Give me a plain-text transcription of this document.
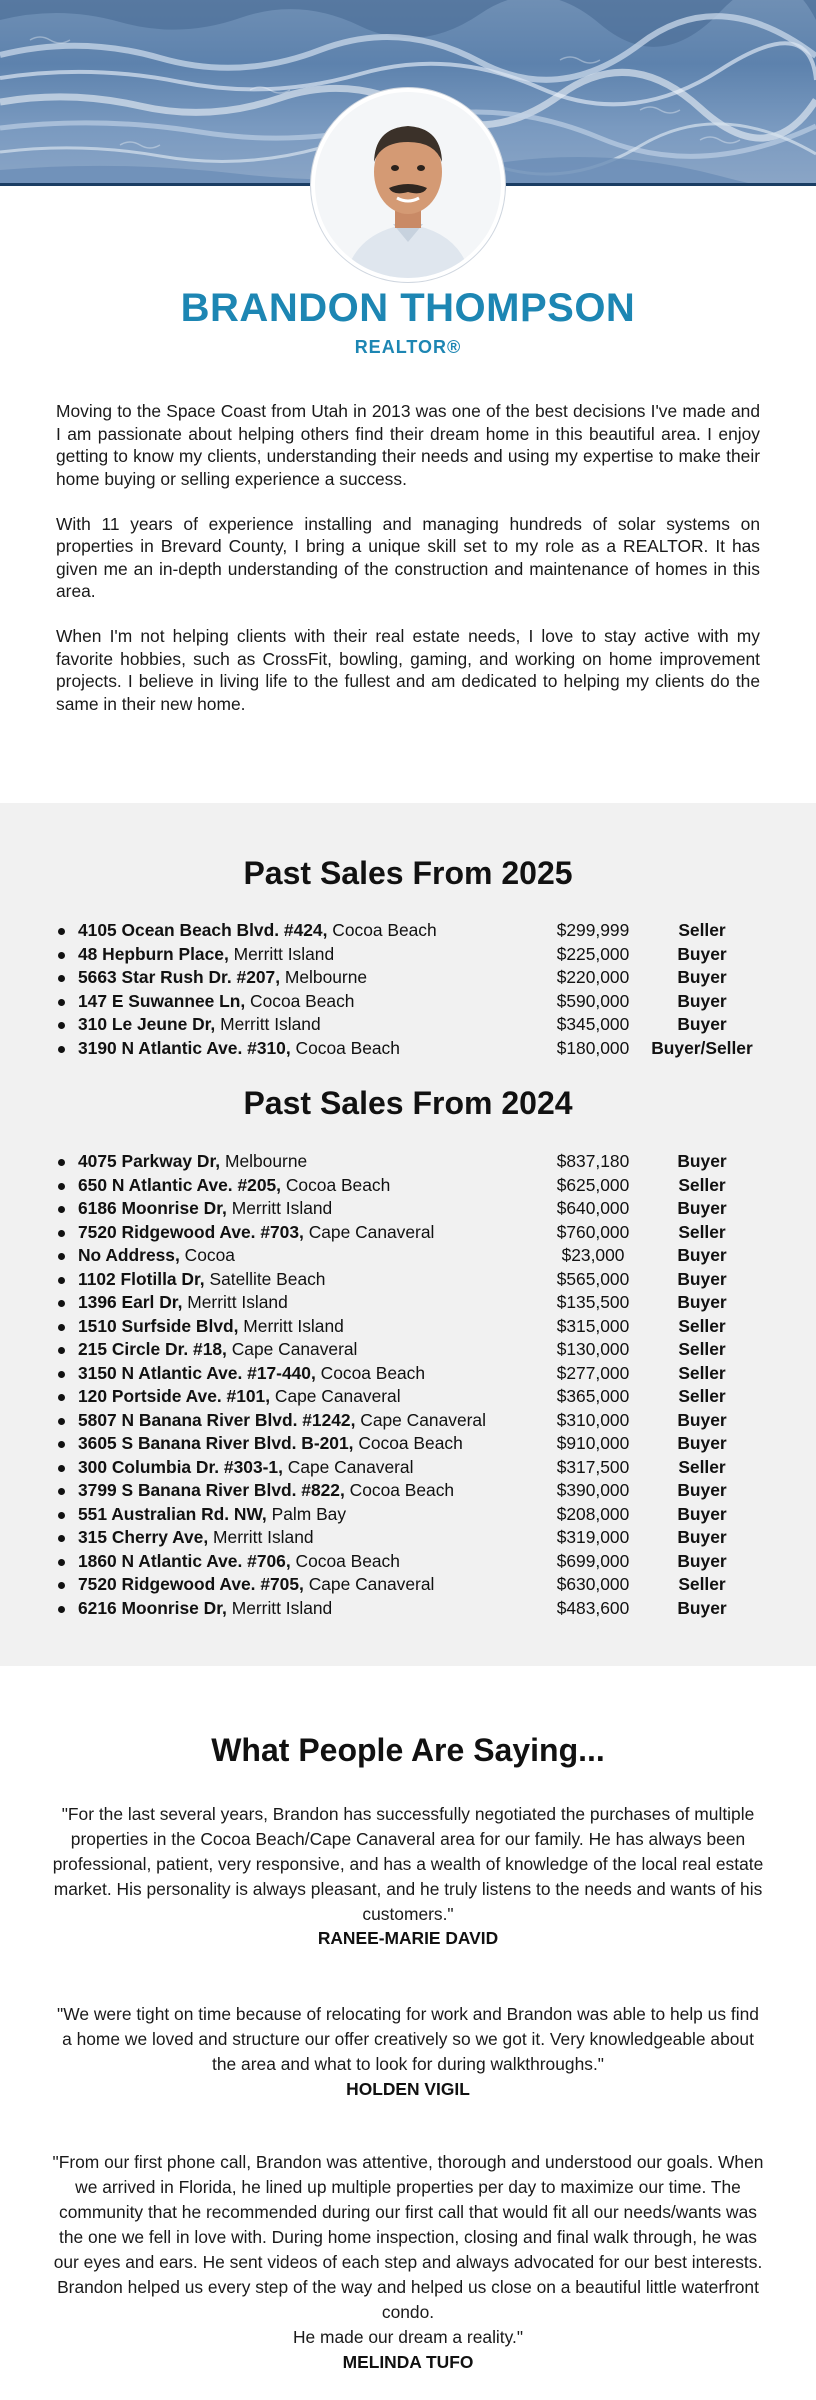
BRANDON THOMPSON
REALTOR®

Moving to the Space Coast from Utah in 2013 was one of the best decisions I've made and I am passionate about helping others find their dream home in this beautiful area. I enjoy getting to know my clients, understanding their needs and using my expertise to make their home buying or selling experience a success.

With 11 years of experience installing and managing hundreds of solar systems on properties in Brevard County, I bring a unique skill set to my role as a REALTOR. It has given me an in-depth understanding of the construction and maintenance of homes in this area.

When I'm not helping clients with their real estate needs, I love to stay active with my favorite hobbies, such as CrossFit, bowling, gaming, and working on home improvement projects. I believe in living life to the fullest and am dedicated to helping my clients do the same in their new home.

Past Sales From 2025
4105 Ocean Beach Blvd. #424, Cocoa Beach	$299,999	Seller
48 Hepburn Place, Merritt Island	$225,000	Buyer
5663 Star Rush Dr. #207, Melbourne	$220,000	Buyer
147 E Suwannee Ln, Cocoa Beach	$590,000	Buyer
310 Le Jeune Dr, Merritt Island	$345,000	Buyer
3190 N Atlantic Ave. #310, Cocoa Beach	$180,000	Buyer/Seller
Past Sales From 2024
4075 Parkway Dr, Melbourne	$837,180	Buyer
650 N Atlantic Ave. #205, Cocoa Beach	$625,000	Seller
6186 Moonrise Dr, Merritt Island	$640,000	Buyer
7520 Ridgewood Ave. #703, Cape Canaveral	$760,000	Seller
No Address, Cocoa	$23,000	Buyer
1102 Flotilla Dr, Satellite Beach	$565,000	Buyer
1396 Earl Dr, Merritt Island	$135,500	Buyer
1510 Surfside Blvd, Merritt Island	$315,000	Seller
215 Circle Dr. #18, Cape Canaveral	$130,000	Seller
3150 N Atlantic Ave. #17-440, Cocoa Beach	$277,000	Seller
120 Portside Ave. #101, Cape Canaveral	$365,000	Seller
5807 N Banana River Blvd. #1242, Cape Canaveral	$310,000	Buyer
3605 S Banana River Blvd. B-201, Cocoa Beach	$910,000	Buyer
300 Columbia Dr. #303-1, Cape Canaveral	$317,500	Seller
3799 S Banana River Blvd. #822, Cocoa Beach	$390,000	Buyer
551 Australian Rd. NW, Palm Bay	$208,000	Buyer
315 Cherry Ave, Merritt Island	$319,000	Buyer
1860 N Atlantic Ave. #706, Cocoa Beach	$699,000	Buyer
7520 Ridgewood Ave. #705, Cape Canaveral	$630,000	Seller
6216 Moonrise Dr, Merritt Island	$483,600	Buyer
What People Are Saying...
"For the last several years, Brandon has successfully negotiated the purchases of multiple properties in the Cocoa Beach/Cape Canaveral area for our family. He has always been professional, patient, very responsive, and has a wealth of knowledge of the local real estate market. His personality is always pleasant, and he truly listens to the needs and wants of his customers."
RANEE-MARIE DAVID
"We were tight on time because of relocating for work and Brandon was able to help us find a home we loved and structure our offer creatively so we got it. Very knowledgeable about the area and what to look for during walkthroughs."
HOLDEN VIGIL
"From our first phone call, Brandon was attentive, thorough and understood our goals. When we arrived in Florida, he lined up multiple properties per day to maximize our time. The community that he recommended during our first call that would fit all our needs/wants was the one we fell in love with. During home inspection, closing and final walk through, he was our eyes and ears. He sent videos of each step and always advocated for our best interests. Brandon helped us every step of the way and helped us close on a beautiful little waterfront condo.
He made our dream a reality."
MELINDA TUFO
